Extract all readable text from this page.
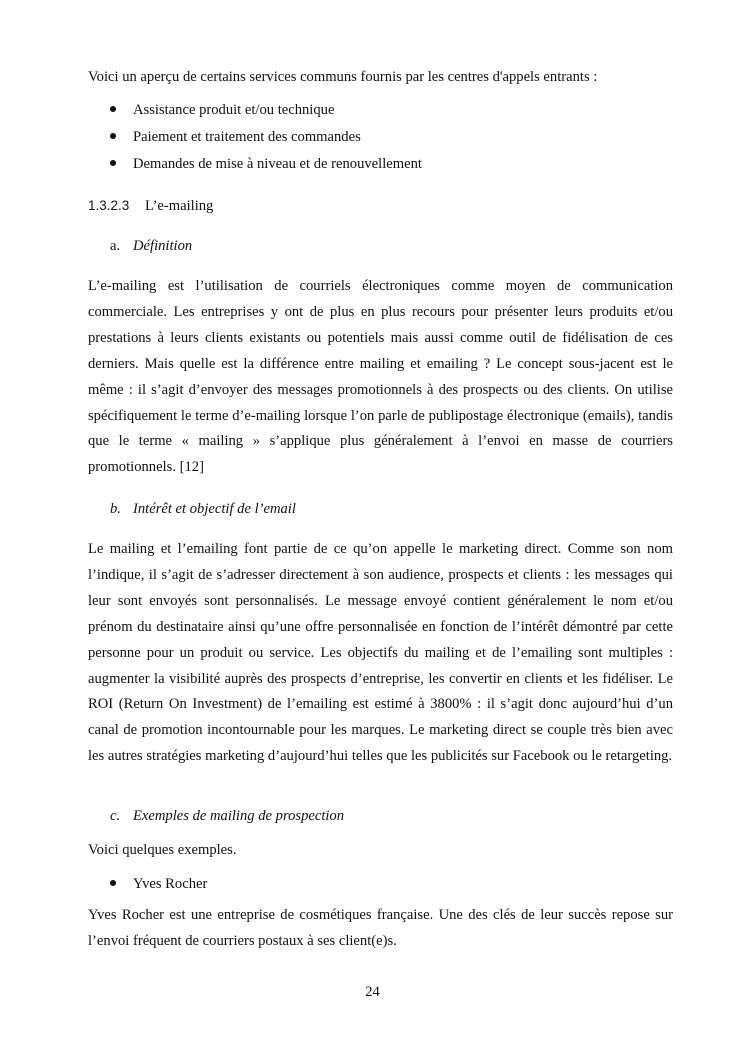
Voici un aperçu de certains services communs fournis par les centres d'appels entrants :

Assistance produit et/ou technique
Paiement et traitement des commandes
Demandes de mise à niveau et de renouvellement
1.3.2.3 L’e-mailing
a. Définition

L’e-mailing est l’utilisation de courriels électroniques comme moyen de communication commerciale. Les entreprises y ont de plus en plus recours pour présenter leurs produits et/ou prestations à leurs clients existants ou potentiels mais aussi comme outil de fidélisation de ces derniers. Mais quelle est la différence entre mailing et emailing ? Le concept sous-jacent est le même : il s’agit d’envoyer des messages promotionnels à des prospects ou des clients. On utilise spécifiquement le terme d’e-mailing lorsque l’on parle de publipostage électronique (emails), tandis que le terme « mailing » s’applique plus généralement à l’envoi en masse de courriers promotionnels. [12]

b. Intérêt et objectif de l’email

Le mailing et l’emailing font partie de ce qu’on appelle le marketing direct. Comme son nom l’indique, il s’agit de s’adresser directement à son audience, prospects et clients : les messages qui leur sont envoyés sont personnalisés. Le message envoyé contient généralement le nom et/ou prénom du destinataire ainsi qu’une offre personnalisée en fonction de l’intérêt démontré par cette personne pour un produit ou service. Les objectifs du mailing et de l’emailing sont multiples : augmenter la visibilité auprès des prospects d’entreprise, les convertir en clients et les fidéliser. Le ROI (Return On Investment) de l’emailing est estimé à 3800% : il s’agit donc aujourd’hui d’un canal de promotion incontournable pour les marques. Le marketing direct se couple très bien avec les autres stratégies marketing d’aujourd’hui telles que les publicités sur Facebook ou le retargeting.

c. Exemples de mailing de prospection

Voici quelques exemples.

Yves Rocher

Yves Rocher est une entreprise de cosmétiques française. Une des clés de leur succès repose sur l’envoi fréquent de courriers postaux à ses client(e)s.

24
